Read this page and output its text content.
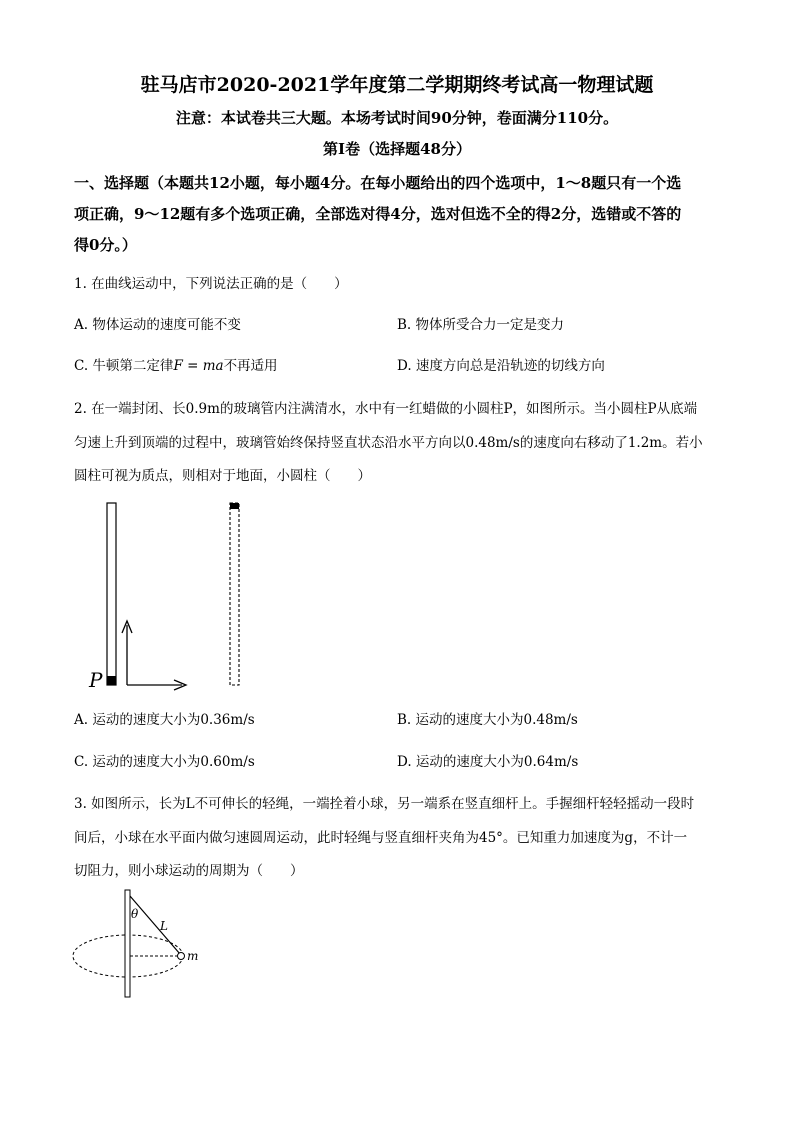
驻马店市2020-2021学年度第二学期期终考试高一物理试题
注意：本试卷共三大题。本场考试时间90分钟，卷面满分110分。
第Ⅰ卷（选择题48分）
一、选择题（本题共12小题，每小题4分。在每小题给出的四个选项中，1～8题只有一个选
项正确，9～12题有多个选项正确，全部选对得4分，选对但选不全的得2分，选错或不答的
得0分。）
1. 在曲线运动中，下列说法正确的是（　　）
A. 物体运动的速度可能不变	B. 物体所受合力一定是变力
C. 牛顿第二定律F = ma不再适用	D. 速度方向总是沿轨迹的切线方向
2. 在一端封闭、长0.9m的玻璃管内注满清水，水中有一红蜡做的小圆柱P，如图所示。当小圆柱P从底端
匀速上升到顶端的过程中，玻璃管始终保持竖直状态沿水平方向以0.48m/s的速度向右移动了1.2m。若小
圆柱可视为质点，则相对于地面，小圆柱（　　）
P
A. 运动的速度大小为0.36m/s	B. 运动的速度大小为0.48m/s
C. 运动的速度大小为0.60m/s	D. 运动的速度大小为0.64m/s
3. 如图所示，长为L不可伸长的轻绳，一端拴着小球，另一端系在竖直细杆上。手握细杆轻轻摇动一段时
间后，小球在水平面内做匀速圆周运动，此时轻绳与竖直细杆夹角为45°。已知重力加速度为g，不计一
切阻力，则小球运动的周期为（　　）
θ
L
m
